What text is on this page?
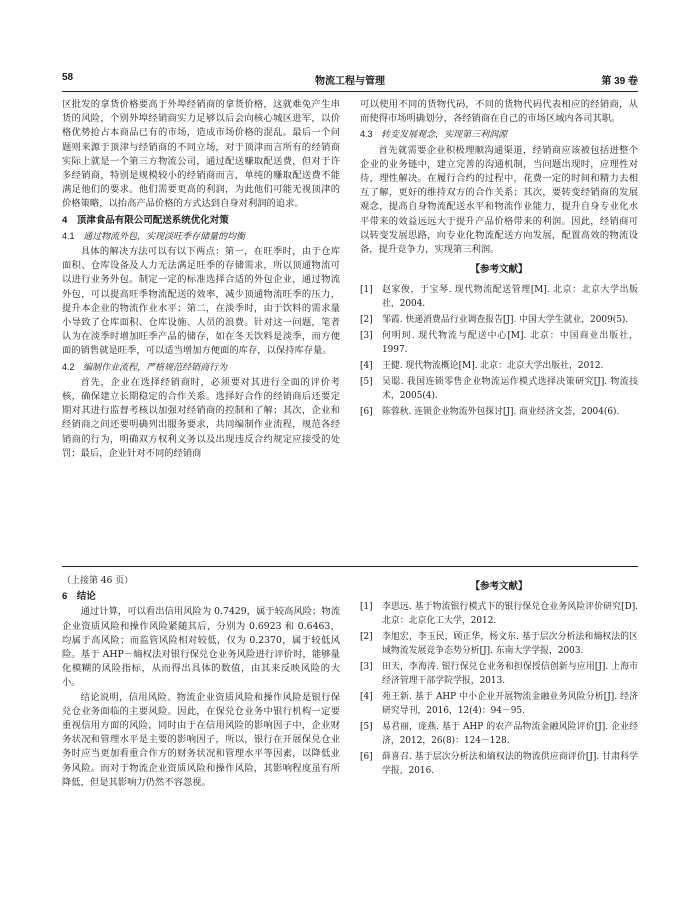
58	物流工程与管理	第 39 卷

区批发的拿货价格要高于外埠经销商的拿货价格，这就难免产生串货的风险，个别外埠经销商实力足够以后会向核心城区进军，以价格优势抢占本商品已有的市场，造成市场价格的混乱。最后一个问题则来源于顶津与经销商的不同立场，对于顶津而言所有的经销商实际上就是一个第三方物流公司，通过配送赚取配送费，但对于许多经销商，特别是规模较小的经销商而言，单纯的赚取配送费不能满足他们的要求。他们需要更高的利润，为此他们可能无视顶津的价格策略，以抬高产品价格的方式达到自身对利润的追求。

4　顶津食品有限公司配送系统优化对策
4.1 通过物流外包，实现淡旺季存储量的均衡

具体的解决方法可以有以下两点：第一，在旺季时，由于仓库面积、仓库设备及人力无法满足旺季的存储需求，所以顶通物流可以进行业务外包。制定一定的标准选择合适的外包企业，通过物流外包，可以提高旺季物流配送的效率，减少顶通物流旺季的压力，提升本企业的物流作业水平；第二，在淡季时，由于饮料的需求量小导致了仓库面积、仓库设施、人员的浪费。针对这一问题，笔者认为在淡季时增加旺季产品的储存，如在冬天饮料是淡季，而方便面的销售就是旺季，可以适当增加方便面的库存，以保持库存量。

4.2 编制作业流程，严格规范经销商行为

首先，企业在选择经销商时，必须要对其进行全面的评价考核，确保建立长期稳定的合作关系。选择好合作的经销商后还要定期对其进行监督考核以加强对经销商的控制和了解；其次，企业和经销商之间还要明确列出服务要求，共同编制作业流程，规范各经销商的行为，明确双方权利义务以及出现违反合约规定应接受的处罚；最后，企业针对不同的经销商

可以使用不同的货物代码，不同的货物代码代表相应的经销商，从而使得市场明确划分，各经销商在自己的市场区域内各司其职。

4.3 转变发展观念，实现第三利润源

首先就需要企业积极理顺沟通渠道，经销商应该被包括进整个企业的业务链中，建立完善的沟通机制，当问题出现时，应理性对待，理性解决。在履行合约的过程中，花费一定的时间和精力去相互了解，更好的维持双方的合作关系；其次，要转变经销商的发展观念，提高自身物流配送水平和物流作业能力，提升自身专业化水平带来的效益远远大于提升产品价格带来的利润。因此，经销商可以转变发展思路，向专业化物流配送方向发展，配置高效的物流设备，提升竞争力，实现第三利润。

【参考文献】
[1] 赵家俊，于宝琴. 现代物流配送管理[M]. 北京：北京大学出版社，2004.
[2] 邹霞. 快递消费品行业调查报告[J]. 中国大学生就业，2009(5).
[3] 何明珂. 现代物流与配送中心[M]. 北京：中国商业出版社，1997.
[4] 王健. 现代物流概论[M]. 北京：北京大学出版社，2012.
[5] 吴聪. 我国连锁零售企业物流运作模式选择决策研究[J]. 物流技术，2005(4).
[6] 陈蓉秋. 连锁企业物流外包探讨[J]. 商业经济文荟，2004(6).
（上接第 46 页）
6　结论

通过计算，可以看出信用风险为 0.7429，属于较高风险；物流企业资质风险和操作风险紧随其后，分别为 0.6923 和 0.6463，均属于高风险；而监管风险相对较低，仅为 0.2370，属于较低风险。基于 AHP－熵权法对银行保兑仓业务风险进行评价时，能够量化模糊的风险指标，从而得出具体的数值，由其来反映风险的大小。

结论说明，信用风险、物流企业资质风险和操作风险是银行保兑仓业务面临的主要风险。因此，在保兑仓业务中银行机构一定要重视信用方面的风险，同时由于在信用风险的影响因子中，企业财务状况和管理水平是主要的影响因子，所以，银行在开展保兑仓业务时应当更加看重合作方的财务状况和管理水平等因素，以降低业务风险。而对于物流企业资质风险和操作风险，其影响程度虽有所降低，但是其影响力仍然不容忽视。

【参考文献】
[1] 李思远. 基于物流银行模式下的银行保兑仓业务风险评价研究[D]. 北京：北京化工大学，2012.
[2] 李旭宏，李玉民，顾正华，杨文东. 基于层次分析法和熵权法的区域物流发展竞争态势分析[J]. 东南大学学报，2003.
[3] 田天，李海涛. 银行保兑仓业务和担保授信创新与应用[J]. 上海市经济管理干部学院学报，2013.
[4] 苑王新. 基于 AHP 中小企业开展物流金融业务风险分析[J]. 经济研究导刊，2016，12(4)：94－95.
[5] 易君丽，庞燕. 基于 AHP 的农产品物流金融风险评价[J]. 企业经济，2012，26(8)：124－128.
[6] 薛喜召. 基于层次分析法和熵权法的物流供应商评价[J]. 甘肃科学学报，2016.
